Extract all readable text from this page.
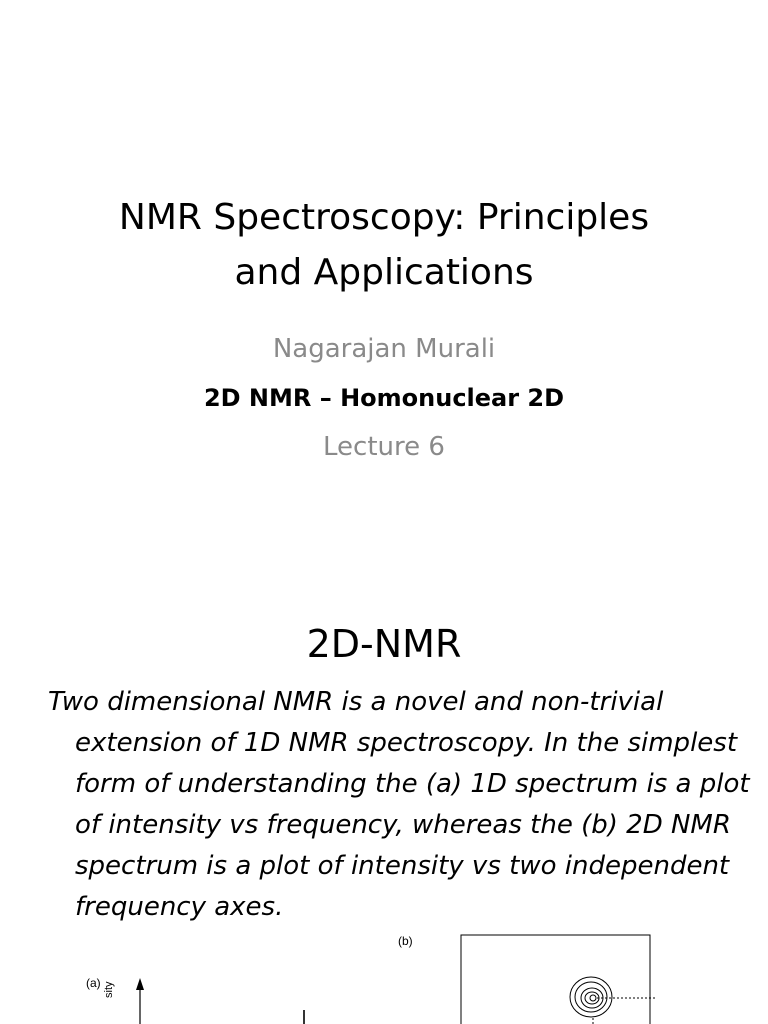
NMR Spectroscopy: Principles
and Applications
Nagarajan Murali
2D NMR – Homonuclear 2D
Lecture 6
2D-NMR
Two dimensional NMR is a novel and non-trivial extension of 1D NMR spectroscopy. In the simplest form of understanding the (a) 1D spectrum is a plot of intensity vs frequency, whereas the (b) 2D NMR spectrum is a plot of intensity vs two independent frequency axes.
(a)
(b)
sity
